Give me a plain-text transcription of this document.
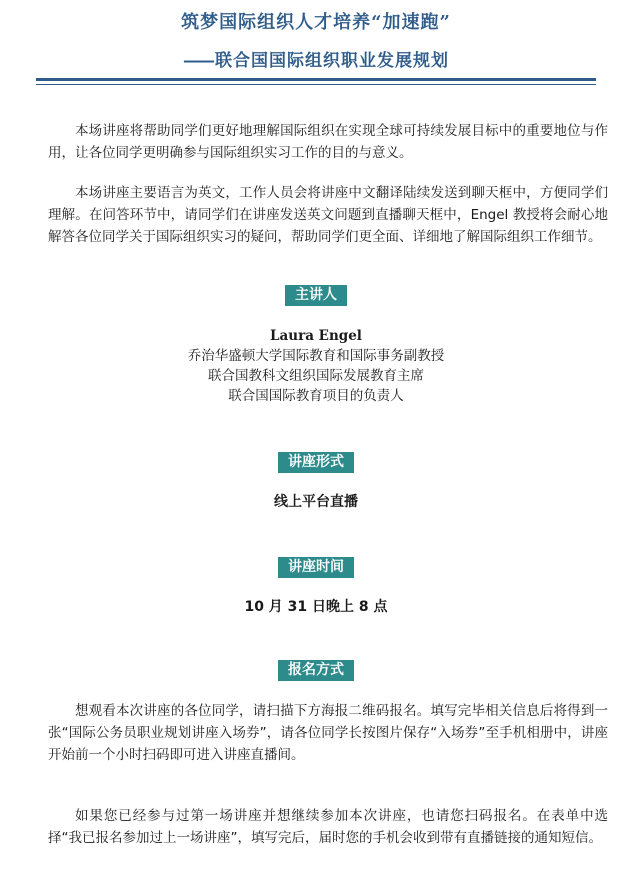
筑梦国际组织人才培养“加速跑”
—— 联合国国际组织职业发展规划

本场讲座将帮助同学们更好地理解国际组织在实现全球可持续发展目标中的重要地位与作用，让各位同学更明确参与国际组织实习工作的目的与意义。

本场讲座主要语言为英文，工作人员会将讲座中文翻译陆续发送到聊天框中，方便同学们理解。在问答环节中，请同学们在讲座发送英文问题到直播聊天框中，Engel 教授将会耐心地解答各位同学关于国际组织实习的疑问，帮助同学们更全面、详细地了解国际组织工作细节。

主讲人
Laura Engel
乔治华盛顿大学国际教育和国际事务副教授
联合国教科文组织国际发展教育主席
联合国国际教育项目的负责人
讲座形式
线上平台直播
讲座时间
10 月 31 日晚上 8 点
报名方式

想观看本次讲座的各位同学，请扫描下方海报二维码报名。填写完毕相关信息后将得到一张“国际公务员职业规划讲座入场券”，请各位同学长按图片保存“入场券”至手机相册中，讲座开始前一个小时扫码即可进入讲座直播间。

如果您已经参与过第一场讲座并想继续参加本次讲座，也请您扫码报名。在表单中选择“我已报名参加过上一场讲座”，填写完后，届时您的手机会收到带有直播链接的通知短信。
